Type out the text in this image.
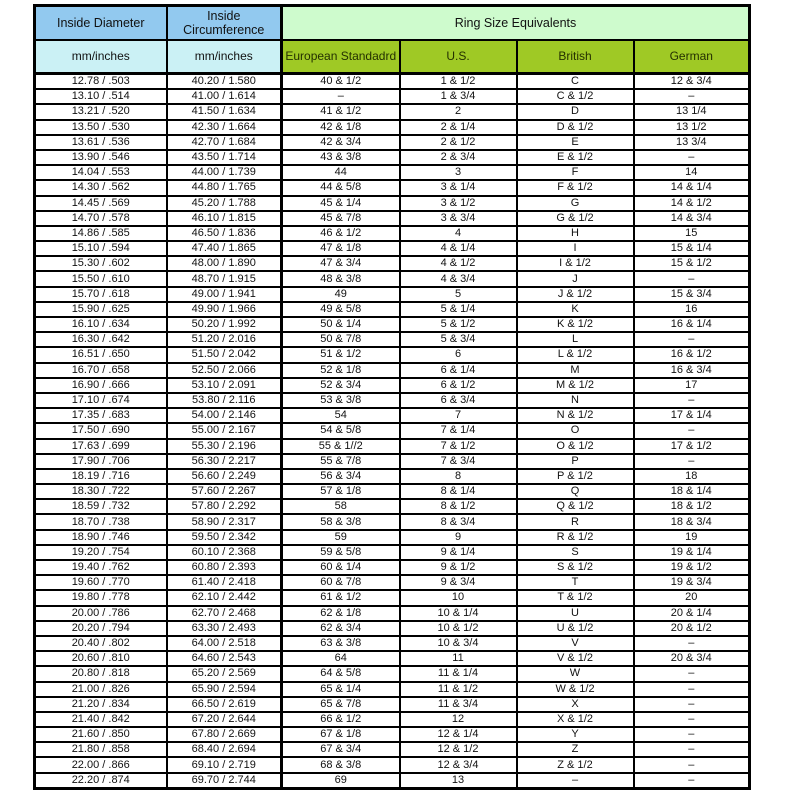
Inside Diameter	Inside Circumference	Ring Size Equivalents			
mm/inches	mm/inches	European Standadrd	U.S.	British	German
12.78 / .503	40.20 / 1.580	40 & 1/2	1 & 1/2	C	12 & 3/4
13.10 / .514	41.00 / 1.614	–	1 & 3/4	C & 1/2	–
13.21 / .520	41.50 / 1.634	41 & 1/2	2	D	13 1/4
13.50 / .530	42.30 / 1.664	42 & 1/8	2 & 1/4	D & 1/2	13 1/2
13.61 / .536	42.70 / 1.684	42 & 3/4	2 & 1/2	E	13 3/4
13.90 / .546	43.50 / 1.714	43 & 3/8	2 & 3/4	E & 1/2	–
14.04 / .553	44.00 / 1.739	44	3	F	14
14.30 / .562	44.80 / 1.765	44 & 5/8	3 & 1/4	F & 1/2	14 & 1/4
14.45 / .569	45.20 / 1.788	45 & 1/4	3 & 1/2	G	14 & 1/2
14.70 / .578	46.10 / 1.815	45 & 7/8	3 & 3/4	G & 1/2	14 & 3/4
14.86 / .585	46.50 / 1.836	46 & 1/2	4	H	15
15.10 / .594	47.40 / 1.865	47 & 1/8	4 & 1/4	I	15 & 1/4
15.30 / .602	48.00 / 1.890	47 & 3/4	4 & 1/2	I & 1/2	15 & 1/2
15.50 / .610	48.70 / 1.915	48 & 3/8	4 & 3/4	J	–
15.70 / .618	49.00 / 1.941	49	5	J & 1/2	15 & 3/4
15.90 / .625	49.90 / 1.966	49 & 5/8	5 & 1/4	K	16
16.10 / .634	50.20 / 1.992	50 & 1/4	5 & 1/2	K & 1/2	16 & 1/4
16.30 / .642	51.20 / 2.016	50 & 7/8	5 & 3/4	L	–
16.51 / .650	51.50 / 2.042	51 & 1/2	6	L & 1/2	16 & 1/2
16.70 / .658	52.50 / 2.066	52 & 1/8	6 & 1/4	M	16 & 3/4
16.90 / .666	53.10 / 2.091	52 & 3/4	6 & 1/2	M & 1/2	17
17.10 / .674	53.80 / 2.116	53 & 3/8	6 & 3/4	N	–
17.35 / .683	54.00 / 2.146	54	7	N & 1/2	17 & 1/4
17.50 / .690	55.00 / 2.167	54 & 5/8	7 & 1/4	O	–
17.63 / .699	55.30 / 2.196	55 & 1//2	7 & 1/2	O & 1/2	17 & 1/2
17.90 / .706	56.30 / 2.217	55 & 7/8	7 & 3/4	P	–
18.19 / .716	56.60 / 2.249	56 & 3/4	8	P & 1/2	18
18.30 / .722	57.60 / 2.267	57 & 1/8	8 & 1/4	Q	18 & 1/4
18.59 / .732	57.80 / 2.292	58	8 & 1/2	Q & 1/2	18 & 1/2
18.70 / .738	58.90 / 2.317	58 & 3/8	8 & 3/4	R	18 & 3/4
18.90 / .746	59.50 / 2.342	59	9	R & 1/2	19
19.20 / .754	60.10 / 2.368	59 & 5/8	9 & 1/4	S	19 & 1/4
19.40 / .762	60.80 / 2.393	60 & 1/4	9 & 1/2	S & 1/2	19 & 1/2
19.60 / .770	61.40 / 2.418	60 & 7/8	9 & 3/4	T	19 & 3/4
19.80 / .778	62.10 / 2.442	61 & 1/2	10	T & 1/2	20
20.00 / .786	62.70 / 2.468	62 & 1/8	10 & 1/4	U	20 & 1/4
20.20 / .794	63.30 / 2.493	62 & 3/4	10 & 1/2	U & 1/2	20 & 1/2
20.40 / .802	64.00 / 2.518	63 & 3/8	10 & 3/4	V	–
20.60 / .810	64.60 / 2.543	64	11	V & 1/2	20 & 3/4
20.80 / .818	65.20 / 2.569	64 & 5/8	11 & 1/4	W	–
21.00 / .826	65.90 / 2.594	65 & 1/4	11 & 1/2	W & 1/2	–
21.20 / .834	66.50 / 2.619	65 & 7/8	11 & 3/4	X	–
21.40 / .842	67.20 / 2.644	66 & 1/2	12	X & 1/2	–
21.60 / .850	67.80 / 2.669	67 & 1/8	12 & 1/4	Y	–
21.80 / .858	68.40 / 2.694	67 & 3/4	12 & 1/2	Z	–
22.00 / .866	69.10 / 2.719	68 & 3/8	12 & 3/4	Z & 1/2	–
22.20 / .874	69.70 / 2.744	69	13	–	–
